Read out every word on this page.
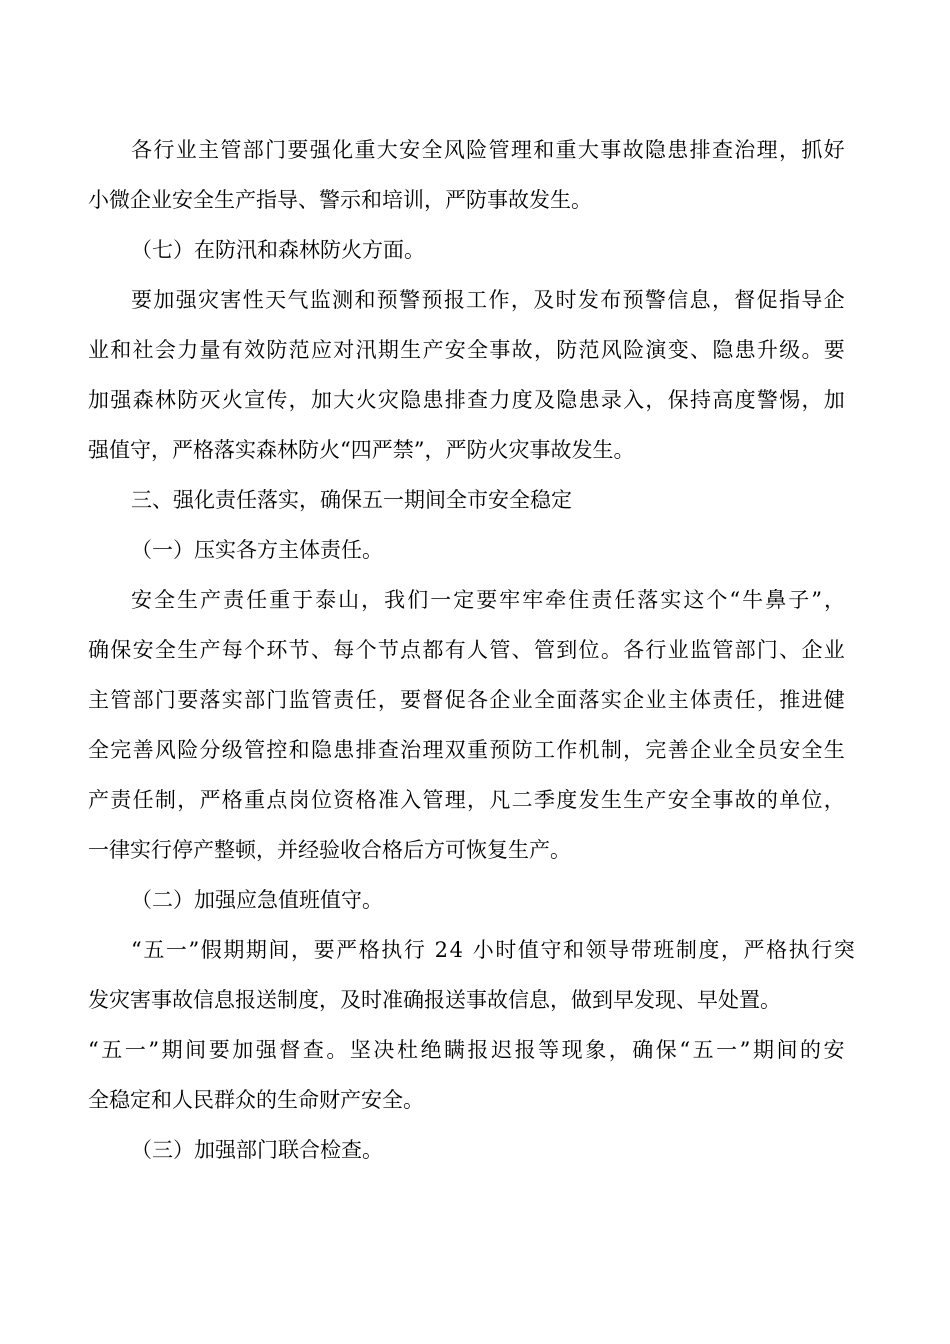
各 行 业 主 管 部 门 要 强 化 重 大 安 全 风 险 管 理 和 重 大 事 故 隐 患 排 查 治 理 ， 抓 好
小微企业安全生产指导、警示和培训，严防事故发生。
（七）在防汛和森林防火方面。
要 加 强 灾 害 性 天 气 监 测 和 预 警 预 报 工 作 ， 及 时 发 布 预 警 信 息 ， 督 促 指 导 企
业 和 社 会 力 量 有 效 防 范 应 对 汛 期 生 产 安 全 事 故 ， 防 范 风 险 演 变 、 隐 患 升 级 。 要
加 强 森 林 防 灭 火 宣 传 ， 加 大 火 灾 隐 患 排 查 力 度 及 隐 患 录 入 ， 保 持 高 度 警 惕 ， 加
强值守，严格落实森林防火“四严禁”，严防火灾事故发生。
三、强化责任落实，确保五一期间全市安全稳定
（一）压实各方主体责任。
安 全 生 产 责 任 重 于 泰 山 ， 我 们 一 定 要 牢 牢 牵 住 责 任 落 实 这 个 “ 牛 鼻 子 ” ，
确 保 安 全 生 产 每 个 环 节 、 每 个 节 点 都 有 人 管 、 管 到 位 。 各 行 业 监 管 部 门 、 企 业
主 管 部 门 要 落 实 部 门 监 管 责 任 ， 要 督 促 各 企 业 全 面 落 实 企 业 主 体 责 任 ， 推 进 健
全 完 善 风 险 分 级 管 控 和 隐 患 排 查 治 理 双 重 预 防 工 作 机 制 ， 完 善 企 业 全 员 安 全 生
产 责 任 制 ， 严 格 重 点 岗 位 资 格 准 入 管 理 ， 凡 二 季 度 发 生 生 产 安 全 事 故 的 单 位 ，
一律实行停产整顿，并经验收合格后方可恢复生产。
（二）加强应急值班值守。
“ 五 一 ” 假 期 期 间 ， 要 严 格 执 行
2 4
小 时 值 守 和 领 导 带 班 制 度 ， 严 格 执 行 突
发灾害事故信息报送制度，及时准确报送事故信息，做到早发现、早处置。
“ 五 一 ” 期 间 要 加 强 督 查 。 坚 决 杜 绝 瞒 报 迟 报 等 现 象 ， 确 保 “ 五 一 ” 期 间 的 安
全稳定和人民群众的生命财产安全。
（三）加强部门联合检查。
